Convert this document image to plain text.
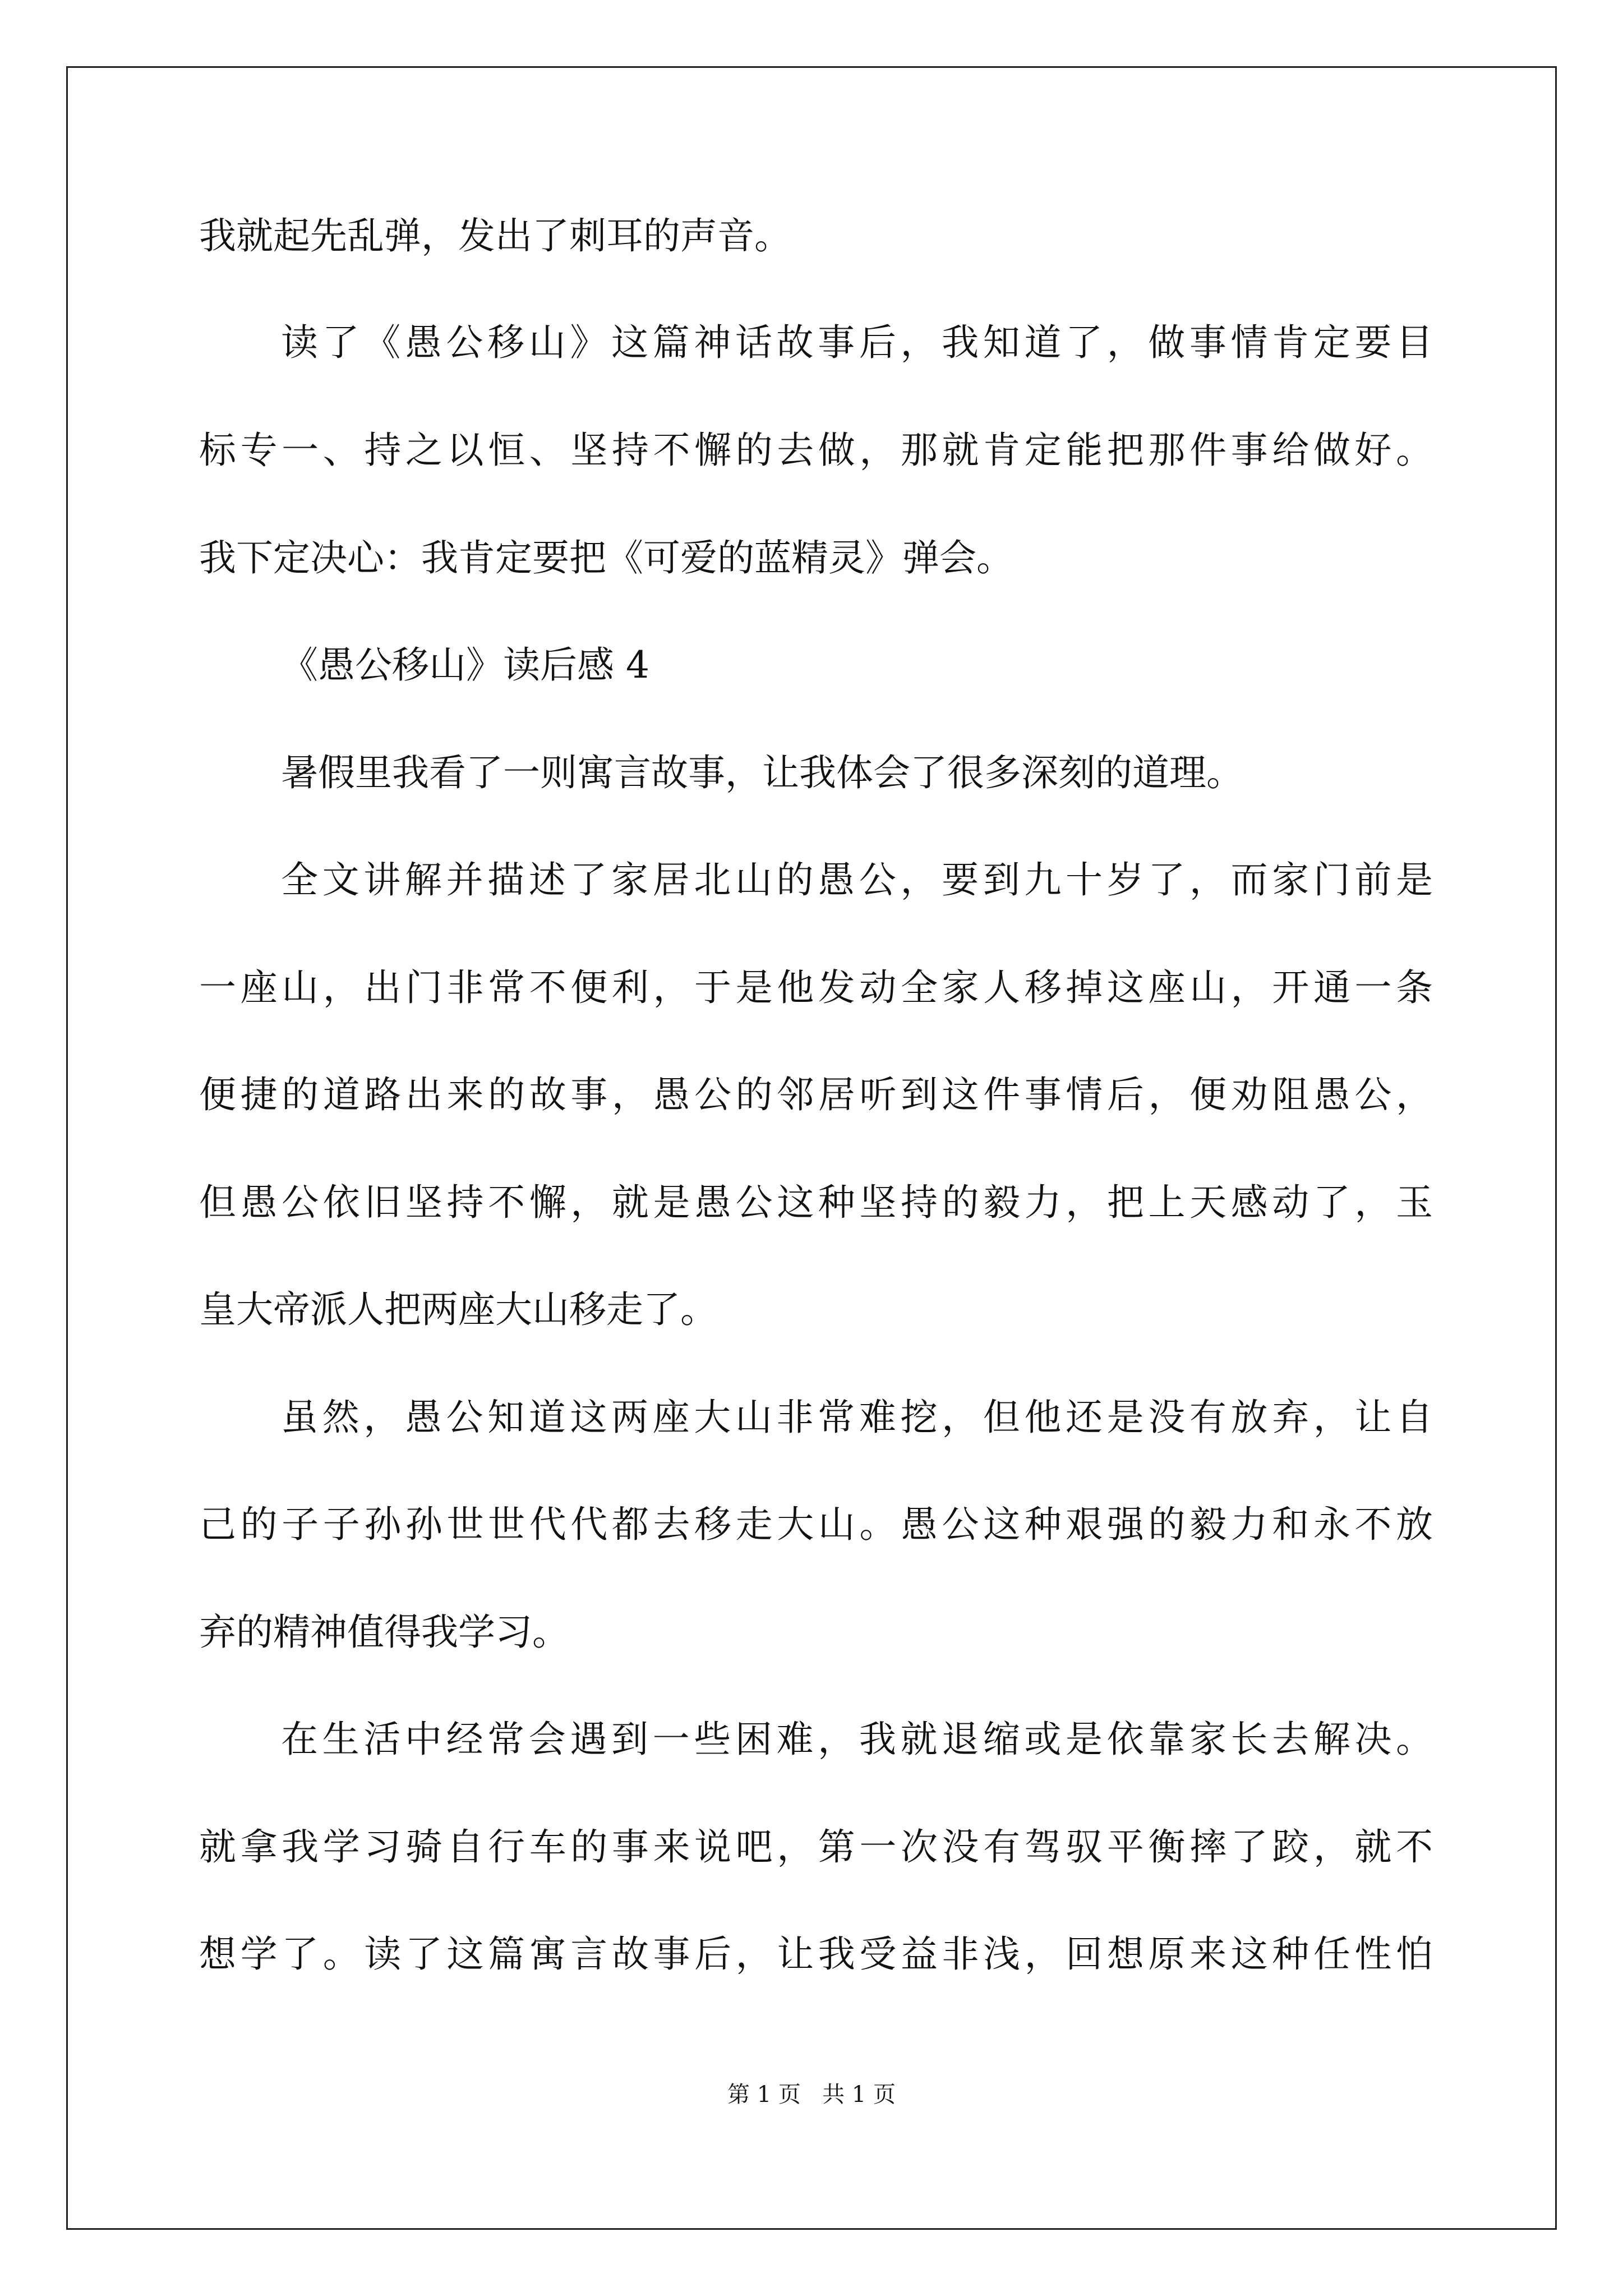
我就起先乱弹，发出了刺耳的声音。
读了《愚公移山》这篇神话故事后，我知道了，做事情肯定要目
标专一、持之以恒、坚持不懈的去做，那就肯定能把那件事给做好。
我下定决心：我肯定要把《可爱的蓝精灵》弹会。
《愚公移山》读后感 4
暑假里我看了一则寓言故事，让我体会了很多深刻的道理。
全文讲解并描述了家居北山的愚公，要到九十岁了，而家门前是
一座山，出门非常不便利，于是他发动全家人移掉这座山，开通一条
便捷的道路出来的故事，愚公的邻居听到这件事情后，便劝阻愚公，
但愚公依旧坚持不懈，就是愚公这种坚持的毅力，把上天感动了，玉
皇大帝派人把两座大山移走了。
虽然，愚公知道这两座大山非常难挖，但他还是没有放弃，让自
己的子子孙孙世世代代都去移走大山。愚公这种艰强的毅力和永不放
弃的精神值得我学习。
在生活中经常会遇到一些困难，我就退缩或是依靠家长去解决。
就拿我学习骑自行车的事来说吧，第一次没有驾驭平衡摔了跤，就不
想学了。读了这篇寓言故事后，让我受益非浅，回想原来这种任性怕
第 1 页   共 1 页
